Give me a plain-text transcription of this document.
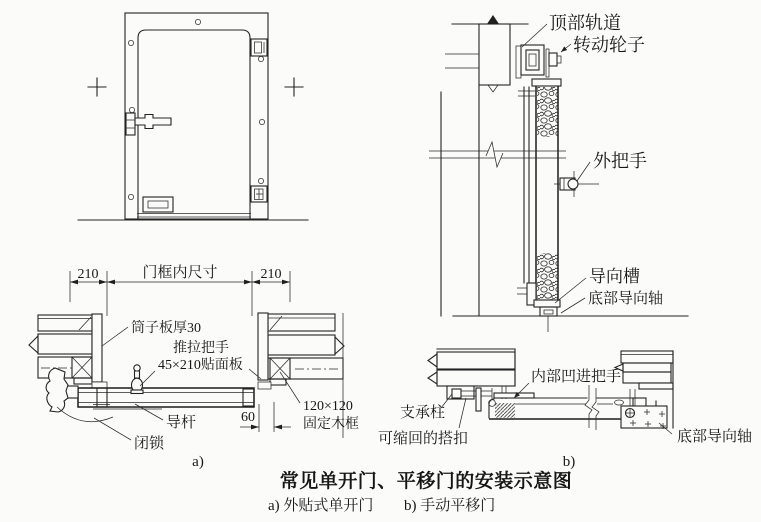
210	门框内尺寸	210
60
筒子板厚30
推拉把手
45×210贴面板
导杆
闭锁
120×120
固定木框
a)
顶部轨道
转动轮子
外把手
导向槽
底部导向轴
内部凹进把手
支承柱
可缩回的搭扣	底部导向轴
b)
常见单开门、平移门的安装示意图
a) 外贴式单开门 b) 手动平移门
